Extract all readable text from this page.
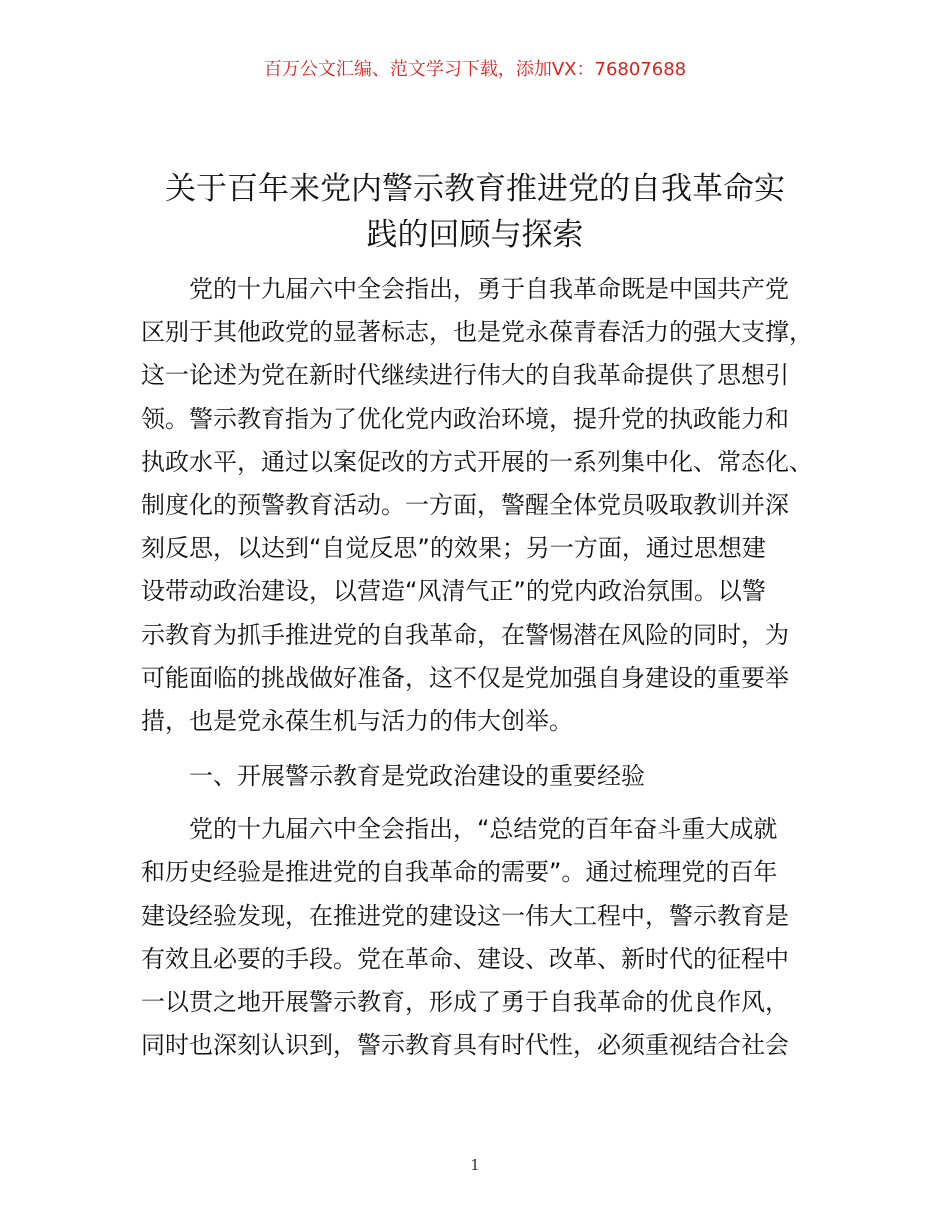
百万公文汇编、范文学习下载，添加VX：76807688
关于百年来党内警示教育推进党的自我革命实
践的回顾与探索
党的十九届六中全会指出，勇于自我革命既是中国共产党
区别于其他政党的显著标志，也是党永葆青春活力的强大支撑，
这一论述为党在新时代继续进行伟大的自我革命提供了思想引
领。警示教育指为了优化党内政治环境，提升党的执政能力和
执政水平，通过以案促改的方式开展的一系列集中化、常态化、
制度化的预警教育活动。一方面，警醒全体党员吸取教训并深
刻反思，以达到“自觉反思”的效果；另一方面，通过思想建
设带动政治建设，以营造“风清气正”的党内政治氛围。以警
示教育为抓手推进党的自我革命，在警惕潜在风险的同时，为
可能面临的挑战做好准备，这不仅是党加强自身建设的重要举
措，也是党永葆生机与活力的伟大创举。
一、开展警示教育是党政治建设的重要经验
党的十九届六中全会指出，“总结党的百年奋斗重大成就
和历史经验是推进党的自我革命的需要”。通过梳理党的百年
建设经验发现，在推进党的建设这一伟大工程中，警示教育是
有效且必要的手段。党在革命、建设、改革、新时代的征程中
一以贯之地开展警示教育，形成了勇于自我革命的优良作风，
同时也深刻认识到，警示教育具有时代性，必须重视结合社会
1
